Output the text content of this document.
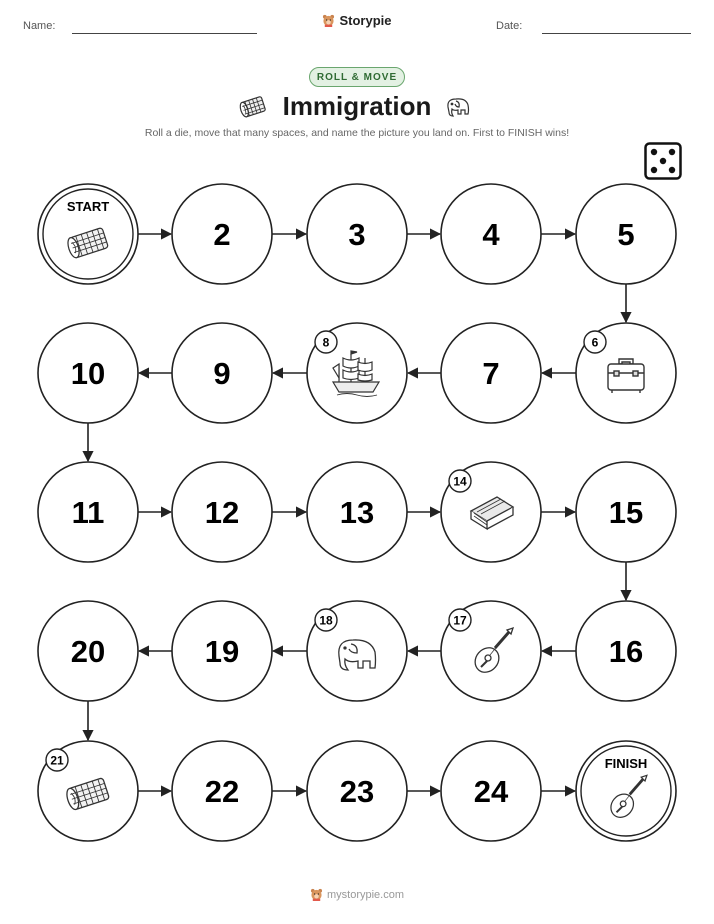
Name:	Storypie	Date:
ROLL & MOVE
Immigration
Roll a die, move that many spaces, and name the picture you land on. First to FINISH wins!
START
2	3	4	5
6
7
8
9
10
11	12	13
14
15
16
17
18
19
20
21
22	23	24
FINISH
mystorypie.com
